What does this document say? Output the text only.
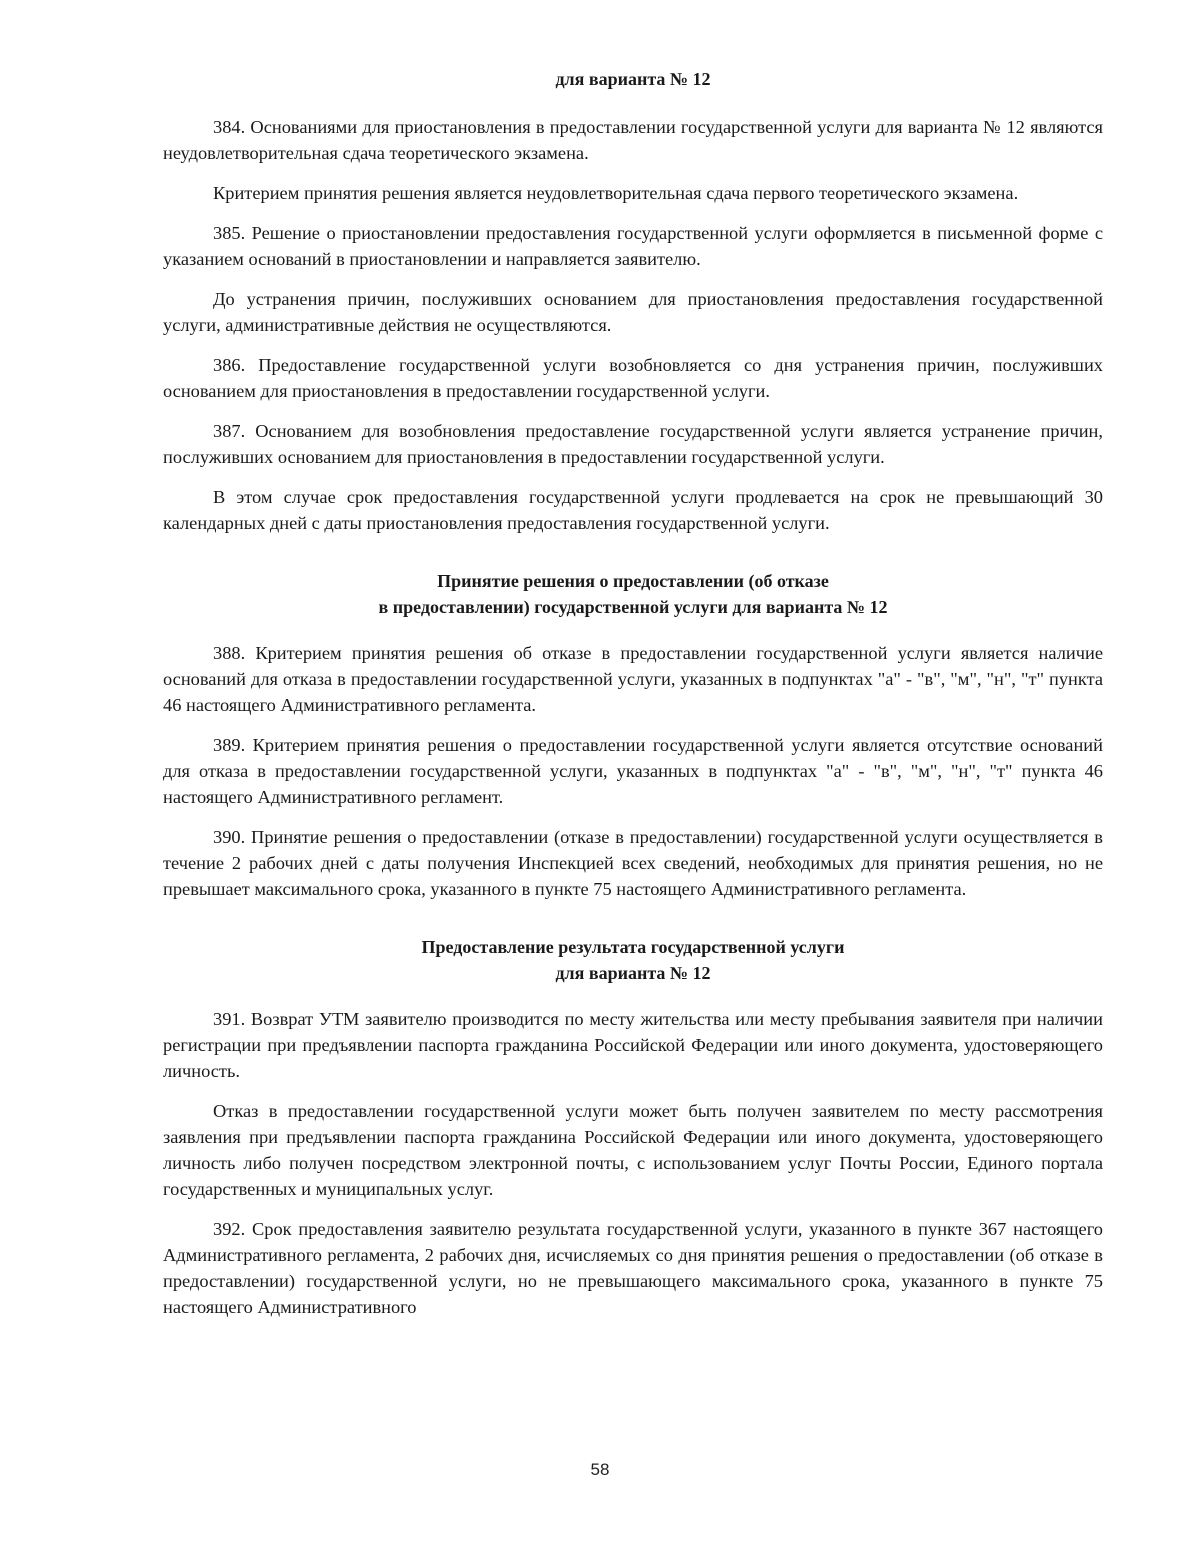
для варианта № 12

384. Основаниями для приостановления в предоставлении государственной услуги для варианта № 12 являются неудовлетворительная сдача теоретического экзамена.

Критерием принятия решения является неудовлетворительная сдача первого теоретического экзамена.

385. Решение о приостановлении предоставления государственной услуги оформляется в письменной форме с указанием оснований в приостановлении и направляется заявителю.

До устранения причин, послуживших основанием для приостановления предоставления государственной услуги, административные действия не осуществляются.

386. Предоставление государственной услуги возобновляется со дня устранения причин, послуживших основанием для приостановления в предоставлении государственной услуги.

387. Основанием для возобновления предоставление государственной услуги является устранение причин, послуживших основанием для приостановления в предоставлении государственной услуги.

В этом случае срок предоставления государственной услуги продлевается на срок не превышающий 30 календарных дней с даты приостановления предоставления государственной услуги.

Принятие решения о предоставлении (об отказе
в предоставлении) государственной услуги для варианта № 12

388. Критерием принятия решения об отказе в предоставлении государственной услуги является наличие оснований для отказа в предоставлении государственной услуги, указанных в подпунктах "а" - "в", "м", "н", "т" пункта 46 настоящего Административного регламента.

389. Критерием принятия решения о предоставлении государственной услуги является отсутствие оснований для отказа в предоставлении государственной услуги, указанных в подпунктах "а" - "в", "м", "н", "т" пункта 46 настоящего Административного регламент.

390. Принятие решения о предоставлении (отказе в предоставлении) государственной услуги осуществляется в течение 2 рабочих дней с даты получения Инспекцией всех сведений, необходимых для принятия решения, но не превышает максимального срока, указанного в пункте 75 настоящего Административного регламента.

Предоставление результата государственной услуги
для варианта № 12

391. Возврат УТМ заявителю производится по месту жительства или месту пребывания заявителя при наличии регистрации при предъявлении паспорта гражданина Российской Федерации или иного документа, удостоверяющего личность.

Отказ в предоставлении государственной услуги может быть получен заявителем по месту рассмотрения заявления при предъявлении паспорта гражданина Российской Федерации или иного документа, удостоверяющего личность либо получен посредством электронной почты, с использованием услуг Почты России, Единого портала государственных и муниципальных услуг.

392. Срок предоставления заявителю результата государственной услуги, указанного в пункте 367 настоящего Административного регламента, 2 рабочих дня, исчисляемых со дня принятия решения о предоставлении (об отказе в предоставлении) государственной услуги, но не превышающего максимального срока, указанного в пункте 75 настоящего Административного

58
